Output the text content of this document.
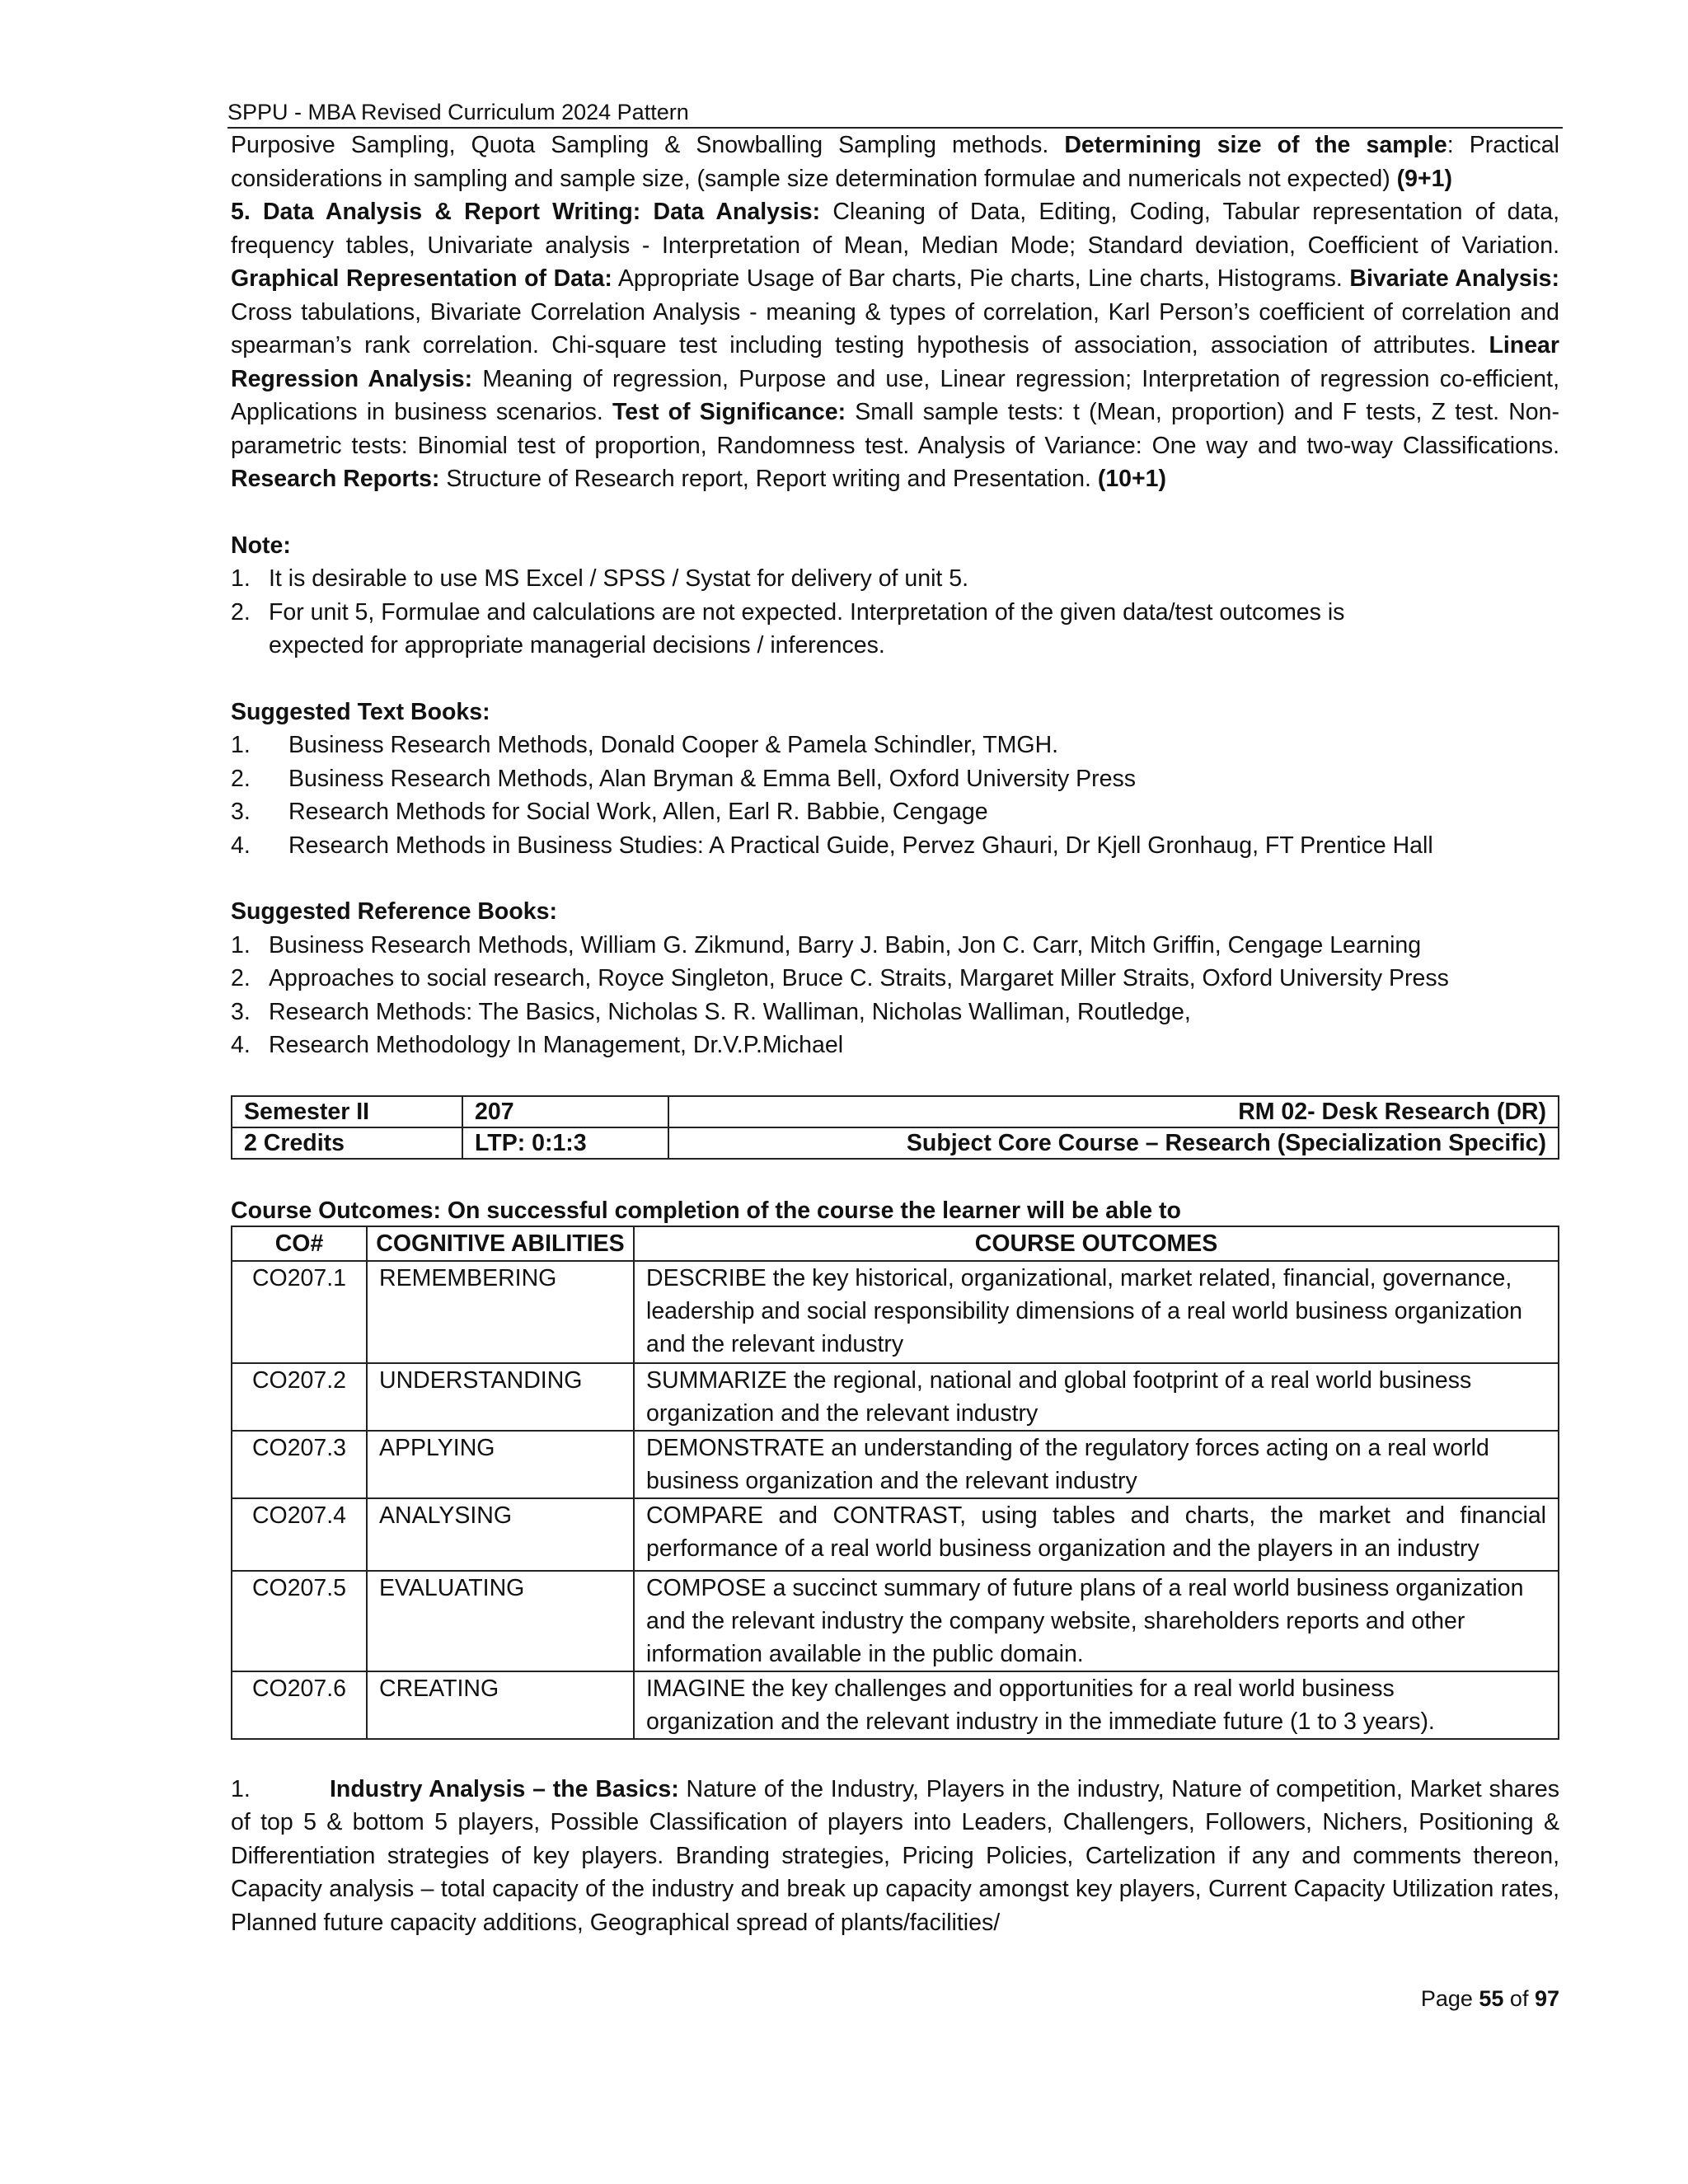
SPPU - MBA Revised Curriculum 2024 Pattern

Purposive Sampling, Quota Sampling & Snowballing Sampling methods. Determining size of the sample: Practical considerations in sampling and sample size, (sample size determination formulae and numericals not expected) (9+1)

5. Data Analysis & Report Writing: Data Analysis: Cleaning of Data, Editing, Coding, Tabular representation of data, frequency tables, Univariate analysis - Interpretation of Mean, Median Mode; Standard deviation, Coefficient of Variation. Graphical Representation of Data: Appropriate Usage of Bar charts, Pie charts, Line charts, Histograms. Bivariate Analysis: Cross tabulations, Bivariate Correlation Analysis - meaning & types of correlation, Karl Person’s coefficient of correlation and spearman’s rank correlation. Chi-square test including testing hypothesis of association, association of attributes. Linear Regression Analysis: Meaning of regression, Purpose and use, Linear regression; Interpretation of regression co-efficient, Applications in business scenarios. Test of Significance: Small sample tests: t (Mean, proportion) and F tests, Z test. Non-parametric tests: Binomial test of proportion, Randomness test. Analysis of Variance: One way and two-way Classifications. Research Reports: Structure of Research report, Report writing and Presentation. (10+1)

Note:

1. It is desirable to use MS Excel / SPSS / Systat for delivery of unit 5.
2. For unit 5, Formulae and calculations are not expected. Interpretation of the given data/test outcomes is
expected for appropriate managerial decisions / inferences.

Suggested Text Books:

1.	Business Research Methods, Donald Cooper & Pamela Schindler, TMGH.
2.	Business Research Methods, Alan Bryman & Emma Bell, Oxford University Press
3.	Research Methods for Social Work, Allen, Earl R. Babbie, Cengage
4.	Research Methods in Business Studies: A Practical Guide, Pervez Ghauri, Dr Kjell Gronhaug, FT Prentice Hall

Suggested Reference Books:

1. Business Research Methods, William G. Zikmund, Barry J. Babin, Jon C. Carr, Mitch Griffin, Cengage Learning
2. Approaches to social research, Royce Singleton, Bruce C. Straits, Margaret Miller Straits, Oxford University Press
3. Research Methods: The Basics, Nicholas S. R. Walliman, Nicholas Walliman, Routledge,
4. Research Methodology In Management, Dr.V.P.Michael
Semester II	207	RM 02- Desk Research (DR)
2 Credits	LTP: 0:1:3	Subject Core Course – Research (Specialization Specific)

Course Outcomes: On successful completion of the course the learner will be able to

CO#	COGNITIVE ABILITIES	COURSE OUTCOMES
CO207.1	REMEMBERING	DESCRIBE the key historical, organizational, market related, financial, governance, leadership and social responsibility dimensions of a real world business organization and the relevant industry
CO207.2	UNDERSTANDING	SUMMARIZE the regional, national and global footprint of a real world business organization and the relevant industry
CO207.3	APPLYING	DEMONSTRATE an understanding of the regulatory forces acting on a real world business organization and the relevant industry
CO207.4	ANALYSING	COMPARE and CONTRAST, using tables and charts, the market and financial performance of a real world business organization and the players in an industry
CO207.5	EVALUATING	COMPOSE a succinct summary of future plans of a real world business organization and the relevant industry the company website, shareholders reports and other information available in the public domain.
CO207.6	CREATING	IMAGINE the key challenges and opportunities for a real world business organization and the relevant industry in the immediate future (1 to 3 years).

1.	Industry Analysis – the Basics: Nature of the Industry, Players in the industry, Nature of competition, Market shares of top 5 & bottom 5 players, Possible Classification of players into Leaders, Challengers, Followers, Nichers, Positioning & Differentiation strategies of key players. Branding strategies, Pricing Policies, Cartelization if any and comments thereon, Capacity analysis – total capacity of the industry and break up capacity amongst key players, Current Capacity Utilization rates, Planned future capacity additions, Geographical spread of plants/facilities/

Page 55 of 97
